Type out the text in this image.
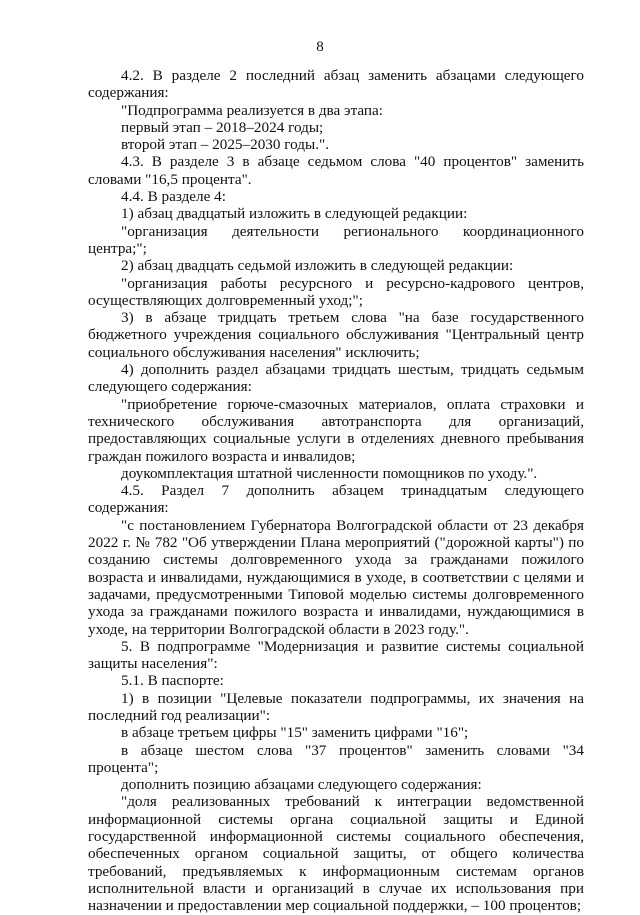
8

4.2. В разделе 2 последний абзац заменить абзацами следующего содержания:

"Подпрограмма реализуется в два этапа:

первый этап – 2018–2024 годы;

второй этап – 2025–2030 годы.".

4.3. В разделе 3 в абзаце седьмом слова "40 процентов" заменить словами "16,5 процента".

4.4. В разделе 4:

1) абзац двадцатый изложить в следующей редакции:

"организация деятельности регионального координационного центра;";

2) абзац двадцать седьмой изложить в следующей редакции:

"организация работы ресурсного и ресурсно-кадрового центров, осуществляющих долговременный уход;";

3) в абзаце тридцать третьем слова "на базе государственного бюджетного учреждения социального обслуживания "Центральный центр социального обслуживания населения" исключить;

4) дополнить раздел абзацами тридцать шестым, тридцать седьмым следующего содержания:

"приобретение горюче-смазочных материалов, оплата страховки и технического обслуживания автотранспорта для организаций, предоставляющих социальные услуги в отделениях дневного пребывания граждан пожилого возраста и инвалидов;

доукомплектация штатной численности помощников по уходу.".

4.5. Раздел 7 дополнить абзацем тринадцатым следующего содержания:

"с постановлением Губернатора Волгоградской области от 23 декабря 2022 г. № 782 "Об утверждении Плана мероприятий ("дорожной карты") по созданию системы долговременного ухода за гражданами пожилого возраста и инвалидами, нуждающимися в уходе, в соответствии с целями и задачами, предусмотренными Типовой моделью системы долговременного ухода за гражданами пожилого возраста и инвалидами, нуждающимися в уходе, на территории Волгоградской области в 2023 году.".

5. В подпрограмме "Модернизация и развитие системы социальной защиты населения":

5.1. В паспорте:

1) в позиции "Целевые показатели подпрограммы, их значения на последний год реализации":

в абзаце третьем цифры "15" заменить цифрами "16";

в абзаце шестом слова "37 процентов" заменить словами "34 процента";

дополнить позицию абзацами следующего содержания:

"доля реализованных требований к интеграции ведомственной информационной системы органа социальной защиты и Единой государственной информационной системы социального обеспечения, обеспеченных органом социальной защиты, от общего количества требований, предъявляемых к информационным системам органов исполнительной власти и организаций в случае их использования при назначении и предоставлении мер социальной поддержки, – 100 процентов;
